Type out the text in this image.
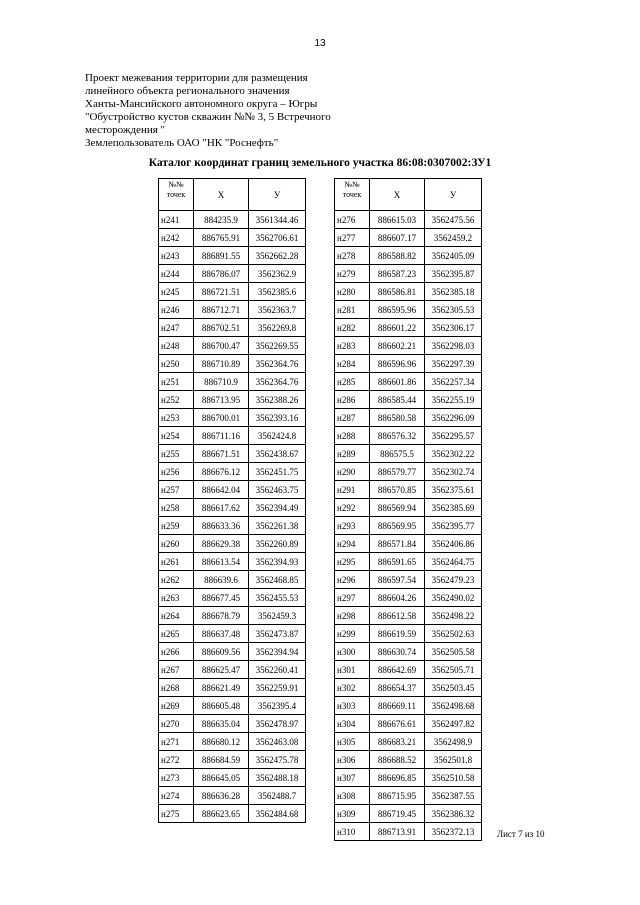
13
Проект межевания территории для размещения
линейного объекта регионального значения
Ханты-Мансийского автономного округа – Югры
"Обустройство кустов скважин №№ 3, 5 Встречного
месторождения "
Землепользователь ОАО "НК "Роснефть"
Каталог координат границ земельного участка 86:08:0307002:ЗУ1
№№ точек	Х	У
н241	884235.9	3561344.46
н242	886765.91	3562706.61
н243	886891.55	3562662.28
н244	886786.07	3562362.9
н245	886721.51	3562385.6
н246	886712.71	3562363.7
н247	886702.51	3562269.8
н248	886700.47	3562269.55
н250	886710.89	3562364.76
н251	886710.9	3562364.76
н252	886713.95	3562388.26
н253	886700.01	3562393.16
н254	886711.16	3562424.8
н255	886671.51	3562438.67
н256	886676.12	3562451.75
н257	886642.04	3562463.75
н258	886617.62	3562394.49
н259	886633.36	3562261.38
н260	886629.38	3562260.89
н261	886613.54	3562394.93
н262	886639.6	3562468.85
н263	886677.45	3562455.53
н264	886678.79	3562459.3
н265	886637.48	3562473.87
н266	886609.56	3562394.94
н267	886625.47	3562260.41
н268	886621.49	3562259.91
н269	886605.48	3562395.4
н270	886635.04	3562478.97
н271	886680.12	3562463.08
н272	886684.59	3562475.78
н273	886645.05	3562488.18
н274	886636.28	3562488.7
н275	886623.65	3562484.68
№№ точек	Х	У
н276	886615.03	3562475.56
н277	886607.17	3562459.2
н278	886588.82	3562405.09
н279	886587.23	3562395.87
н280	886586.81	3562385.18
н281	886595.96	3562305.53
н282	886601.22	3562306.17
н283	886602.21	3562298.03
н284	886596.96	3562297.39
н285	886601.86	3562257.34
н286	886585.44	3562255.19
н287	886580.58	3562296.09
н288	886576.32	3562295.57
н289	886575.5	3562302.22
н290	886579.77	3562302.74
н291	886570.85	3562375.61
н292	886569.94	3562385.69
н293	886569.95	3562395.77
н294	886571.84	3562406.86
н295	886591.65	3562464.75
н296	886597.54	3562479.23
н297	886604.26	3562490.02
н298	886612.58	3562498.22
н299	886619.59	3562502.63
н300	886630.74	3562505.58
н301	886642.69	3562505.71
н302	886654.37	3562503.45
н303	886669.11	3562498.68
н304	886676.61	3562497.82
н305	886683.21	3562498.9
н306	886688.52	3562501.8
н307	886696.85	3562510.58
н308	886715.95	3562387.55
н309	886719.45	3562386.32
н310	886713.91	3562372.13	Лист 7 из 10
